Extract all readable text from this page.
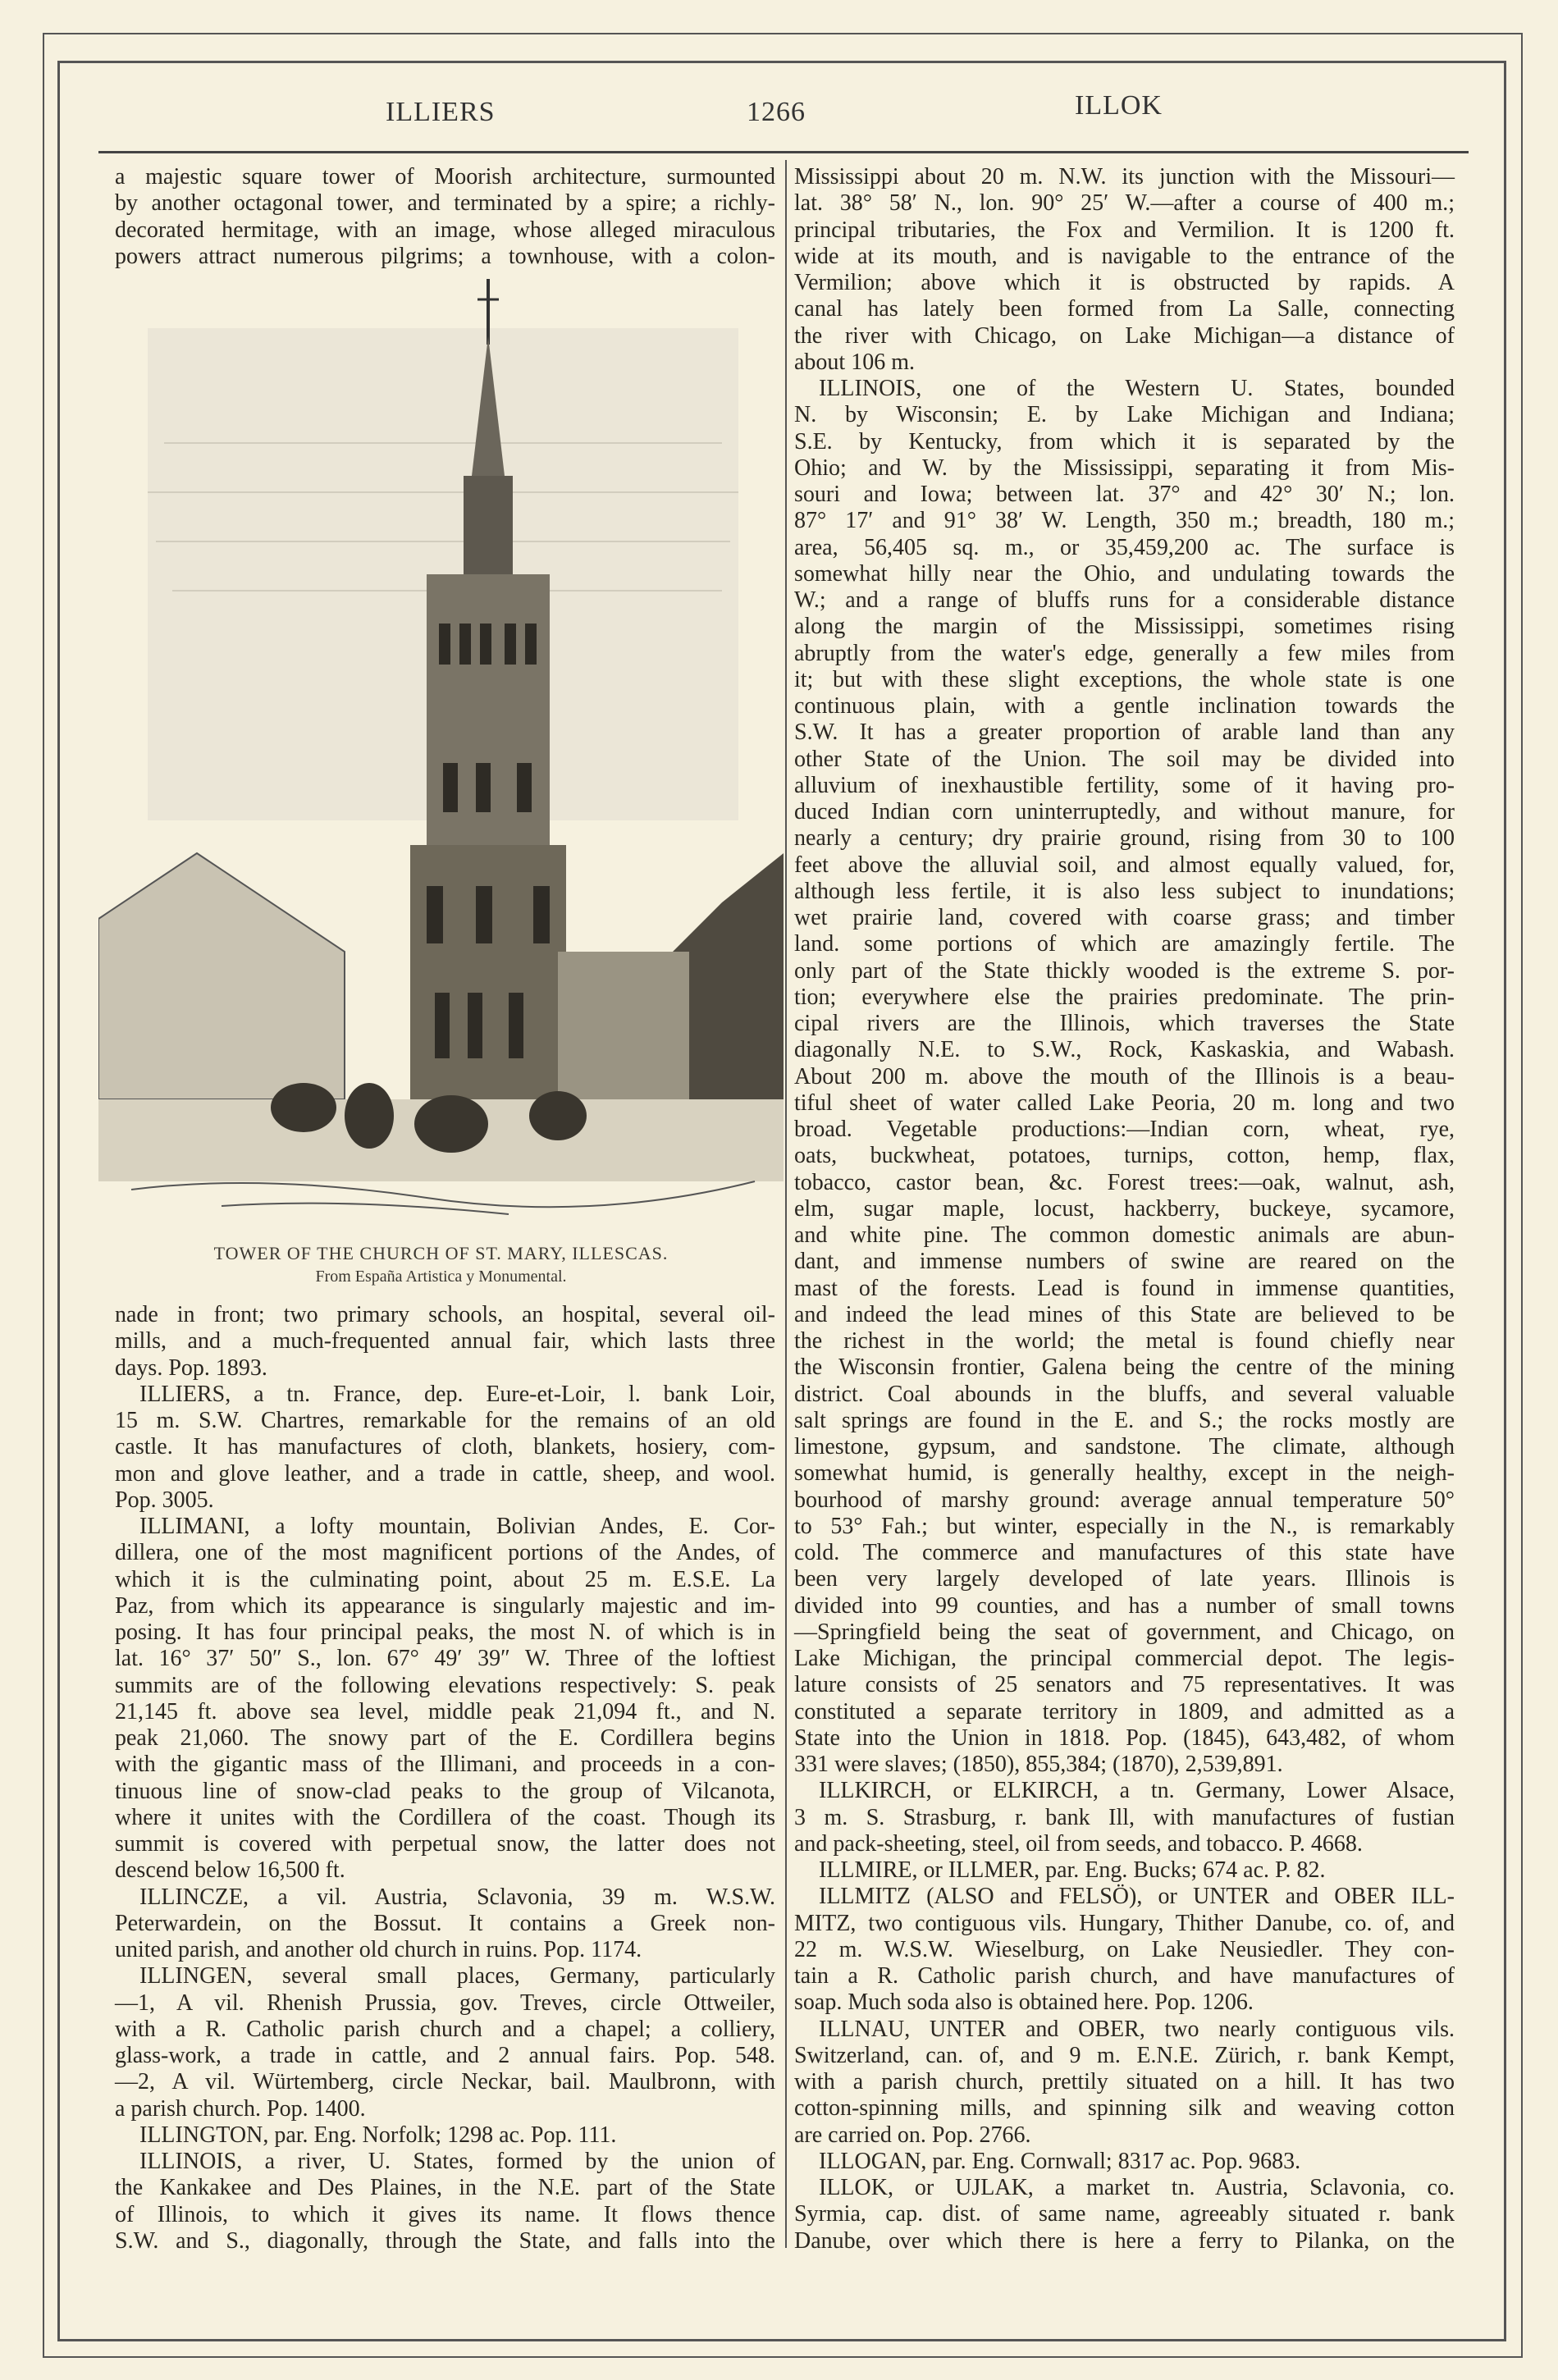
ILLIERS	1266	ILLOK
TOWER OF THE CHURCH OF ST. MARY, ILLESCAS.
From España Artistica y Monumental.
a majestic square tower of Moorish architecture, surmounted
by another octagonal tower, and terminated by a spire; a richly-
decorated hermitage, with an image, whose alleged miraculous
powers attract numerous pilgrims; a townhouse, with a colon-
nade in front; two primary schools, an hospital, several oil-
mills, and a much-frequented annual fair, which lasts three
days. Pop. 1893.
ILLIERS, a tn. France, dep. Eure-et-Loir, l. bank Loir,
15 m. S.W. Chartres, remarkable for the remains of an old
castle. It has manufactures of cloth, blankets, hosiery, com-
mon and glove leather, and a trade in cattle, sheep, and wool.
Pop. 3005.
ILLIMANI, a lofty mountain, Bolivian Andes, E. Cor-
dillera, one of the most magnificent portions of the Andes, of
which it is the culminating point, about 25 m. E.S.E. La
Paz, from which its appearance is singularly majestic and im-
posing. It has four principal peaks, the most N. of which is in
lat. 16° 37′ 50″ S., lon. 67° 49′ 39″ W. Three of the loftiest
summits are of the following elevations respectively: S. peak
21,145 ft. above sea level, middle peak 21,094 ft., and N.
peak 21,060. The snowy part of the E. Cordillera begins
with the gigantic mass of the Illimani, and proceeds in a con-
tinuous line of snow-clad peaks to the group of Vilcanota,
where it unites with the Cordillera of the coast. Though its
summit is covered with perpetual snow, the latter does not
descend below 16,500 ft.
ILLINCZE, a vil. Austria, Sclavonia, 39 m. W.S.W.
Peterwardein, on the Bossut. It contains a Greek non-
united parish, and another old church in ruins. Pop. 1174.
ILLINGEN, several small places, Germany, particularly
—1, A vil. Rhenish Prussia, gov. Treves, circle Ottweiler,
with a R. Catholic parish church and a chapel; a colliery,
glass-work, a trade in cattle, and 2 annual fairs. Pop. 548.
—2, A vil. Würtemberg, circle Neckar, bail. Maulbronn, with
a parish church. Pop. 1400.
ILLINGTON, par. Eng. Norfolk; 1298 ac. Pop. 111.
ILLINOIS, a river, U. States, formed by the union of
the Kankakee and Des Plaines, in the N.E. part of the State
of Illinois, to which it gives its name. It flows thence
S.W. and S., diagonally, through the State, and falls into the
Mississippi about 20 m. N.W. its junction with the Missouri—
lat. 38° 58′ N., lon. 90° 25′ W.—after a course of 400 m.;
principal tributaries, the Fox and Vermilion. It is 1200 ft.
wide at its mouth, and is navigable to the entrance of the
Vermilion; above which it is obstructed by rapids. A
canal has lately been formed from La Salle, connecting
the river with Chicago, on Lake Michigan—a distance of
about 106 m.
ILLINOIS, one of the Western U. States, bounded
N. by Wisconsin; E. by Lake Michigan and Indiana;
S.E. by Kentucky, from which it is separated by the
Ohio; and W. by the Mississippi, separating it from Mis-
souri and Iowa; between lat. 37° and 42° 30′ N.; lon.
87° 17′ and 91° 38′ W. Length, 350 m.; breadth, 180 m.;
area, 56,405 sq. m., or 35,459,200 ac. The surface is
somewhat hilly near the Ohio, and undulating towards the
W.; and a range of bluffs runs for a considerable distance
along the margin of the Mississippi, sometimes rising
abruptly from the water's edge, generally a few miles from
it; but with these slight exceptions, the whole state is one
continuous plain, with a gentle inclination towards the
S.W. It has a greater proportion of arable land than any
other State of the Union. The soil may be divided into
alluvium of inexhaustible fertility, some of it having pro-
duced Indian corn uninterruptedly, and without manure, for
nearly a century; dry prairie ground, rising from 30 to 100
feet above the alluvial soil, and almost equally valued, for,
although less fertile, it is also less subject to inundations;
wet prairie land, covered with coarse grass; and timber
land. some portions of which are amazingly fertile. The
only part of the State thickly wooded is the extreme S. por-
tion; everywhere else the prairies predominate. The prin-
cipal rivers are the Illinois, which traverses the State
diagonally N.E. to S.W., Rock, Kaskaskia, and Wabash.
About 200 m. above the mouth of the Illinois is a beau-
tiful sheet of water called Lake Peoria, 20 m. long and two
broad. Vegetable productions:—Indian corn, wheat, rye,
oats, buckwheat, potatoes, turnips, cotton, hemp, flax,
tobacco, castor bean, &c. Forest trees:—oak, walnut, ash,
elm, sugar maple, locust, hackberry, buckeye, sycamore,
and white pine. The common domestic animals are abun-
dant, and immense numbers of swine are reared on the
mast of the forests. Lead is found in immense quantities,
and indeed the lead mines of this State are believed to be
the richest in the world; the metal is found chiefly near
the Wisconsin frontier, Galena being the centre of the mining
district. Coal abounds in the bluffs, and several valuable
salt springs are found in the E. and S.; the rocks mostly are
limestone, gypsum, and sandstone. The climate, although
somewhat humid, is generally healthy, except in the neigh-
bourhood of marshy ground: average annual temperature 50°
to 53° Fah.; but winter, especially in the N., is remarkably
cold. The commerce and manufactures of this state have
been very largely developed of late years. Illinois is
divided into 99 counties, and has a number of small towns
—Springfield being the seat of government, and Chicago, on
Lake Michigan, the principal commercial depot. The legis-
lature consists of 25 senators and 75 representatives. It was
constituted a separate territory in 1809, and admitted as a
State into the Union in 1818. Pop. (1845), 643,482, of whom
331 were slaves; (1850), 855,384; (1870), 2,539,891.
ILLKIRCH, or ELKIRCH, a tn. Germany, Lower Alsace,
3 m. S. Strasburg, r. bank Ill, with manufactures of fustian
and pack-sheeting, steel, oil from seeds, and tobacco. P. 4668.
ILLMIRE, or ILLMER, par. Eng. Bucks; 674 ac. P. 82.
ILLMITZ (ALSO and FELSÖ), or UNTER and OBER ILL-
MITZ, two contiguous vils. Hungary, Thither Danube, co. of, and
22 m. W.S.W. Wieselburg, on Lake Neusiedler. They con-
tain a R. Catholic parish church, and have manufactures of
soap. Much soda also is obtained here. Pop. 1206.
ILLNAU, UNTER and OBER, two nearly contiguous vils.
Switzerland, can. of, and 9 m. E.N.E. Zürich, r. bank Kempt,
with a parish church, prettily situated on a hill. It has two
cotton-spinning mills, and spinning silk and weaving cotton
are carried on. Pop. 2766.
ILLOGAN, par. Eng. Cornwall; 8317 ac. Pop. 9683.
ILLOK, or UJLAK, a market tn. Austria, Sclavonia, co.
Syrmia, cap. dist. of same name, agreeably situated r. bank
Danube, over which there is here a ferry to Pilanka, on the
